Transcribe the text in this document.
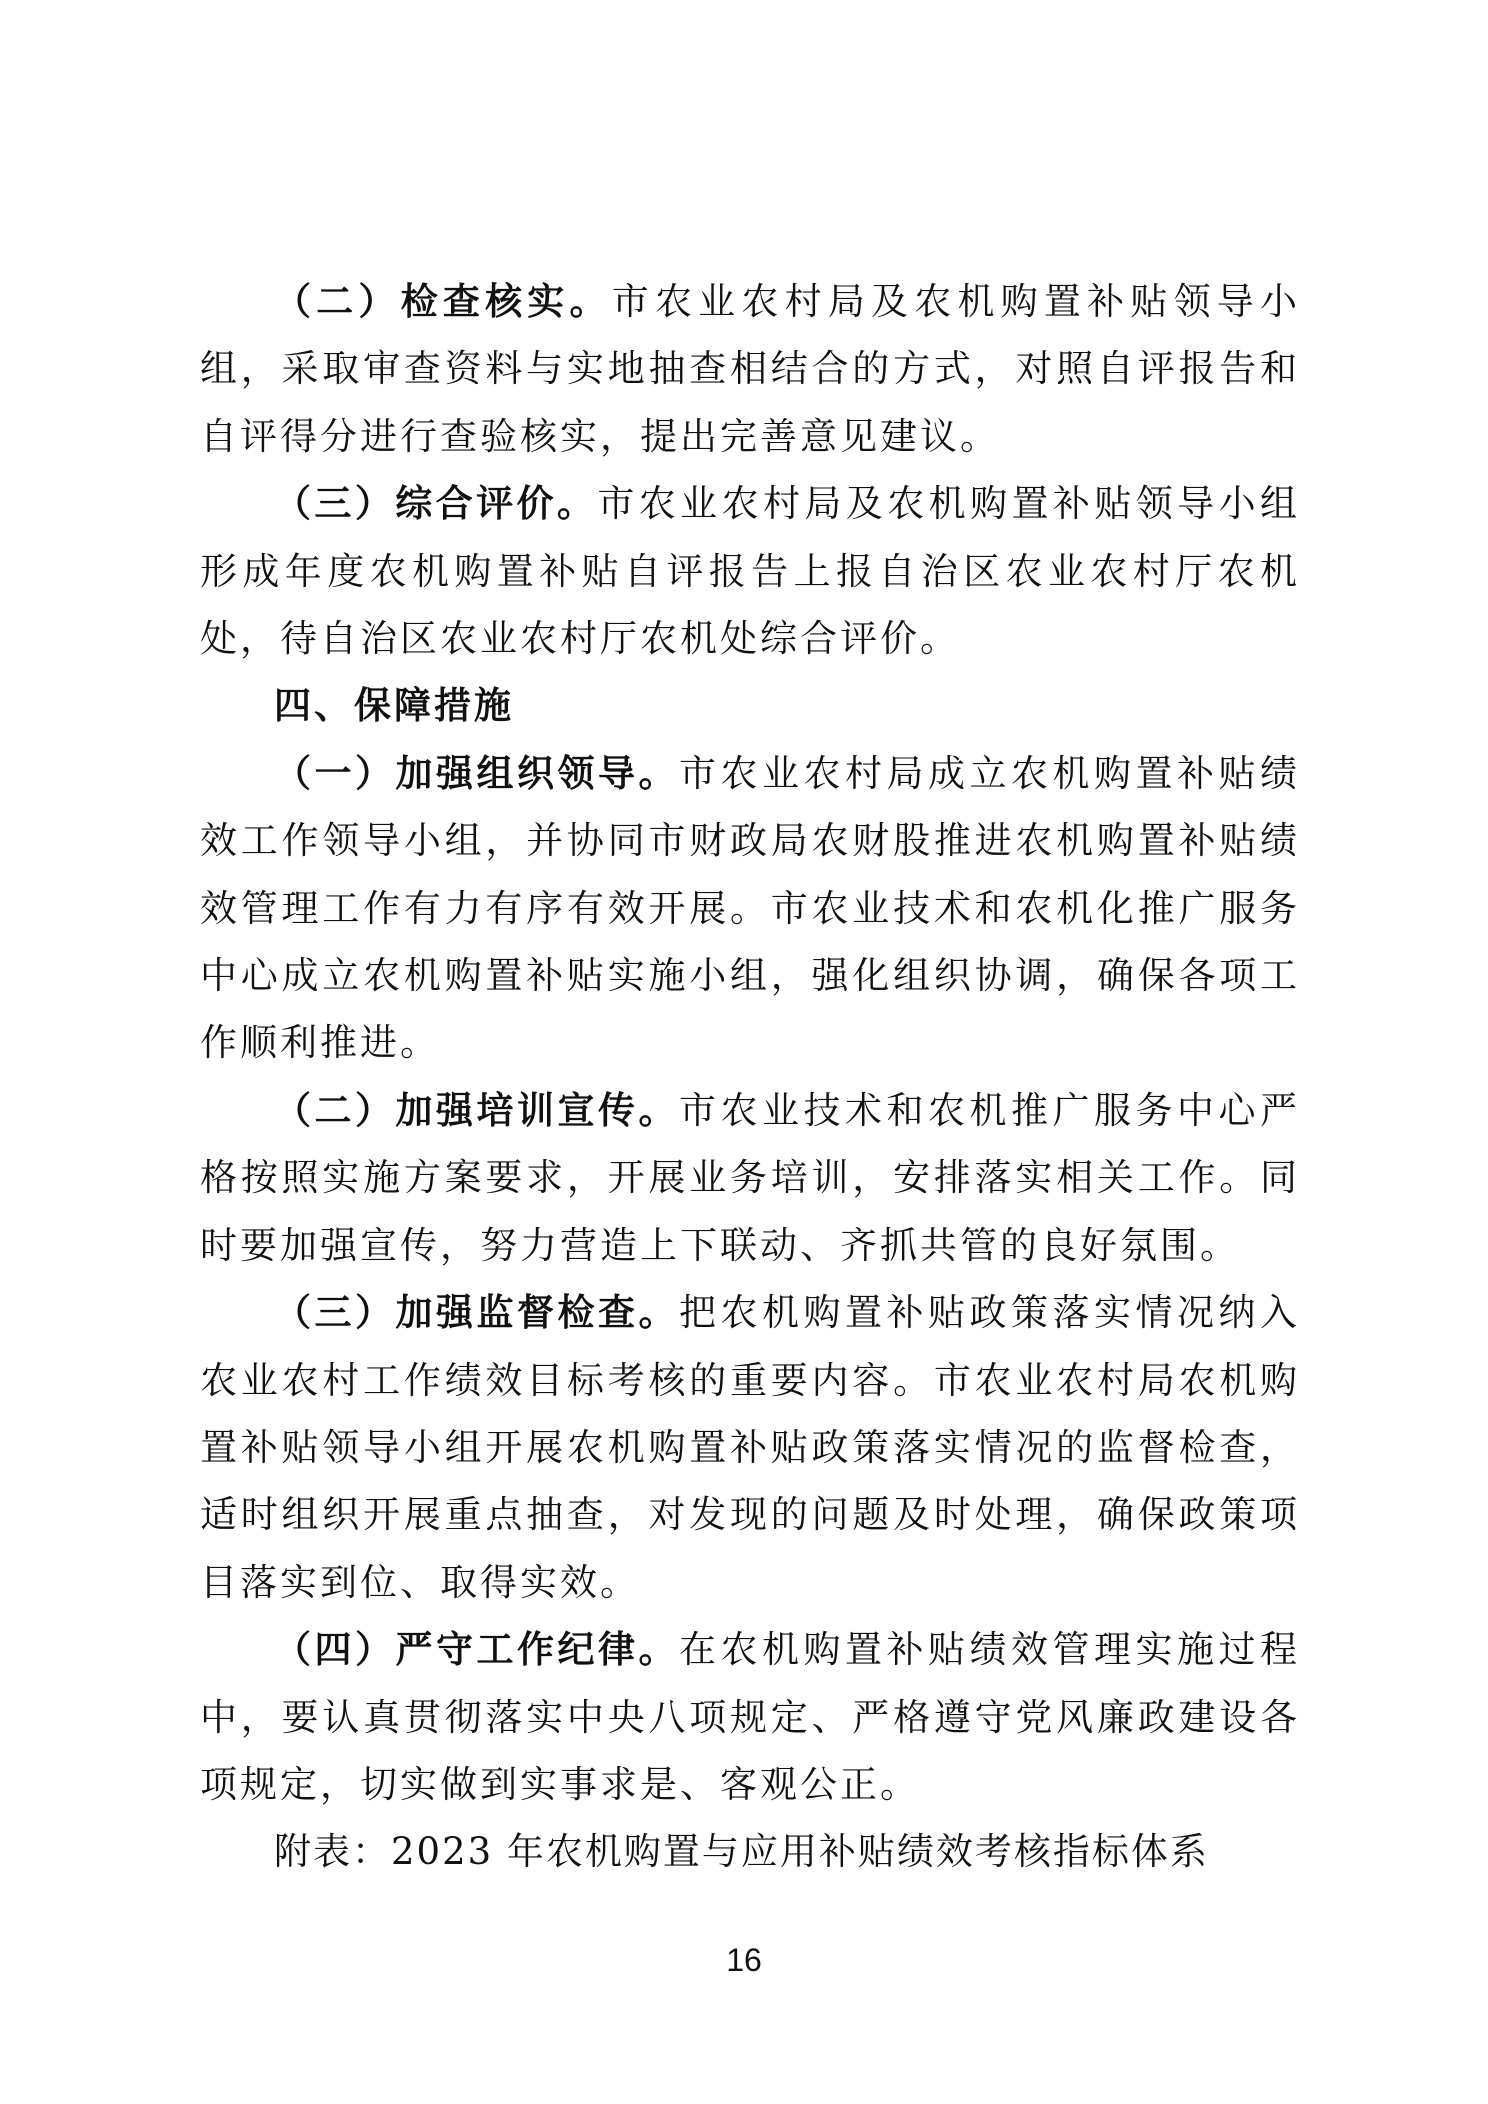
（二）检查核实。市农业农村局及农机购置补贴领导小组，采取审查资料与实地抽查相结合的方式，对照自评报告和自评得分进行查验核实，提出完善意见建议。

（三）综合评价。市农业农村局及农机购置补贴领导小组形成年度农机购置补贴自评报告上报自治区农业农村厅农机处，待自治区农业农村厅农机处综合评价。

四、保障措施

（一）加强组织领导。市农业农村局成立农机购置补贴绩效工作领导小组，并协同市财政局农财股推进农机购置补贴绩效管理工作有力有序有效开展。市农业技术和农机化推广服务中心成立农机购置补贴实施小组，强化组织协调，确保各项工作顺利推进。

（二）加强培训宣传。市农业技术和农机推广服务中心严格按照实施方案要求，开展业务培训，安排落实相关工作。同时要加强宣传，努力营造上下联动、齐抓共管的良好氛围。

（三）加强监督检查。把农机购置补贴政策落实情况纳入农业农村工作绩效目标考核的重要内容。市农业农村局农机购置补贴领导小组开展农机购置补贴政策落实情况的监督检查，适时组织开展重点抽查，对发现的问题及时处理，确保政策项目落实到位、取得实效。

（四）严守工作纪律。在农机购置补贴绩效管理实施过程中，要认真贯彻落实中央八项规定、严格遵守党风廉政建设各项规定，切实做到实事求是、客观公正。

附表：2023 年农机购置与应用补贴绩效考核指标体系

16
